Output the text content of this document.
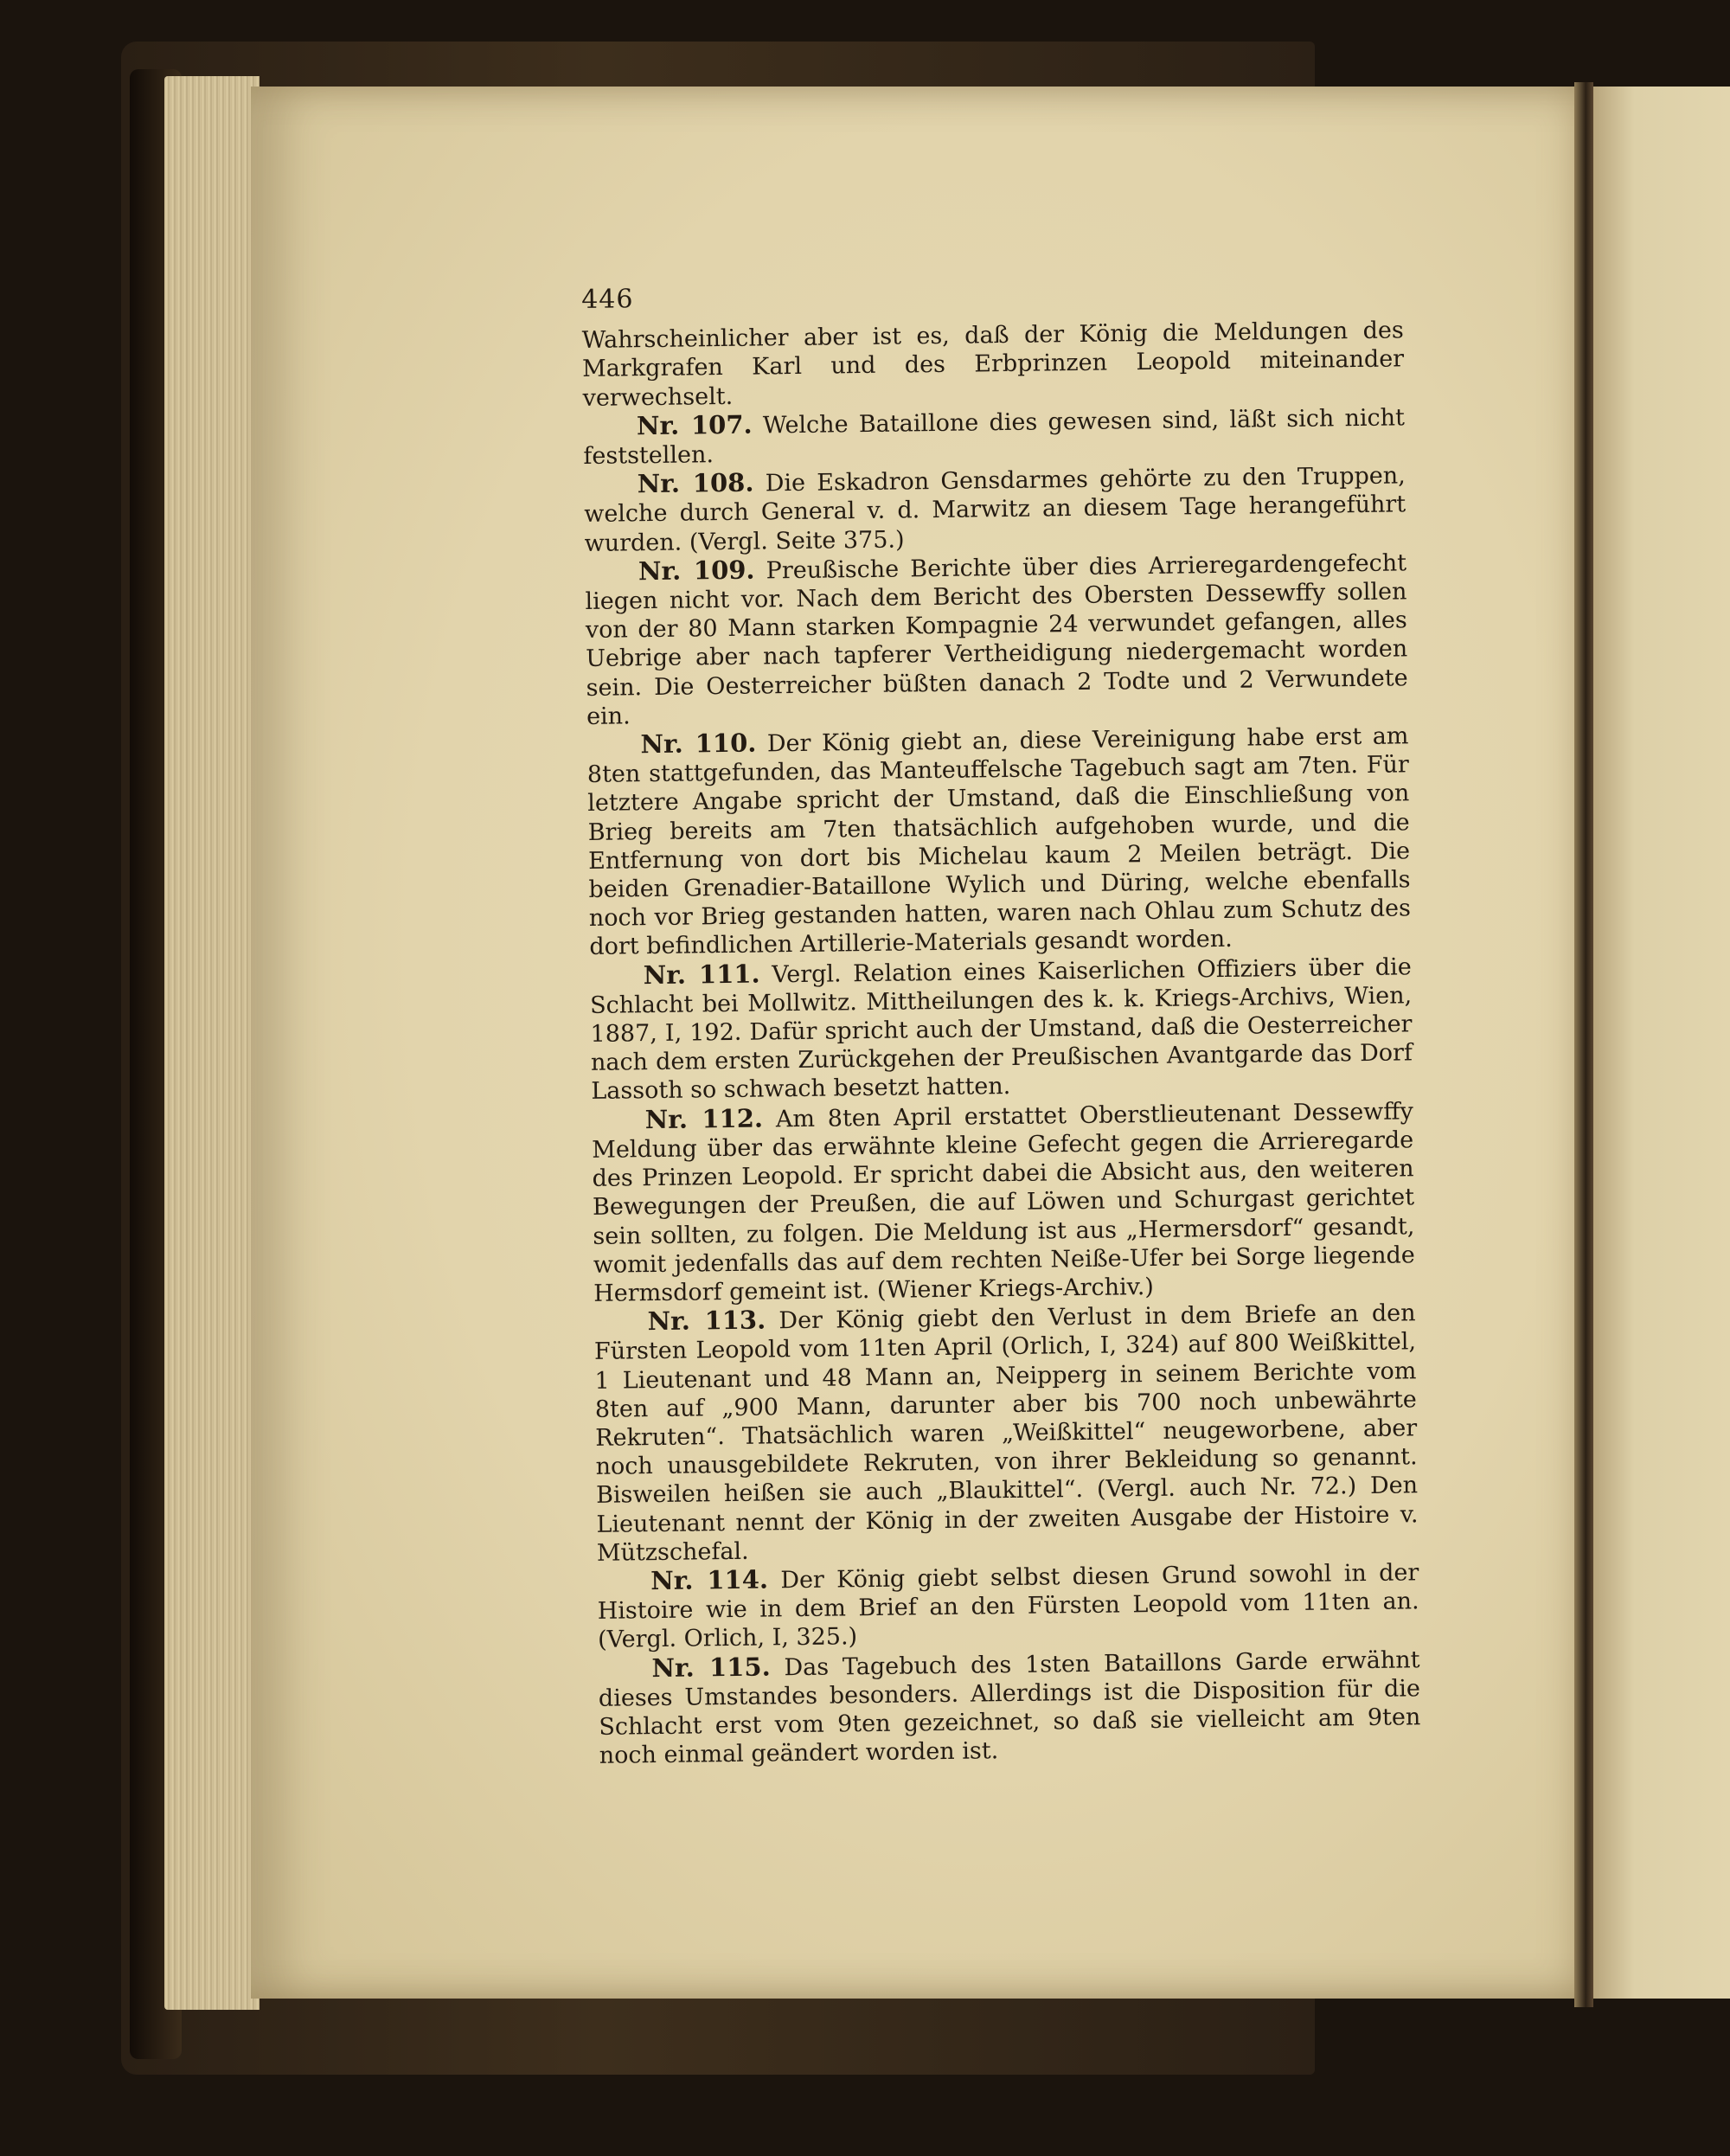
446

Wahrscheinlicher aber ist es, daß der König die Meldungen des Markgrafen Karl und des Erbprinzen Leopold miteinander verwechselt.

Nr. 107. Welche Bataillone dies gewesen sind, läßt sich nicht feststellen.

Nr. 108. Die Eskadron Gensdarmes gehörte zu den Truppen, welche durch General v. d. Marwitz an diesem Tage herangeführt wurden. (Vergl. Seite 375.)

Nr. 109. Preußische Berichte über dies Arrieregardengefecht liegen nicht vor. Nach dem Bericht des Obersten Dessewffy sollen von der 80 Mann starken Kompagnie 24 verwundet gefangen, alles Uebrige aber nach tapferer Vertheidigung niedergemacht worden sein. Die Oesterreicher büßten danach 2 Todte und 2 Verwundete ein.

Nr. 110. Der König giebt an, diese Vereinigung habe erst am 8ten stattgefunden, das Manteuffelsche Tagebuch sagt am 7ten. Für letztere Angabe spricht der Umstand, daß die Einschließung von Brieg bereits am 7ten thatsächlich aufgehoben wurde, und die Entfernung von dort bis Michelau kaum 2 Meilen beträgt. Die beiden Grenadier-Bataillone Wylich und Düring, welche ebenfalls noch vor Brieg gestanden hatten, waren nach Ohlau zum Schutz des dort befindlichen Artillerie-Materials gesandt worden.

Nr. 111. Vergl. Relation eines Kaiserlichen Offiziers über die Schlacht bei Mollwitz. Mittheilungen des k. k. Kriegs-Archivs, Wien, 1887, I, 192. Dafür spricht auch der Umstand, daß die Oesterreicher nach dem ersten Zurückgehen der Preußischen Avantgarde das Dorf Lassoth so schwach besetzt hatten.

Nr. 112. Am 8ten April erstattet Oberstlieutenant Dessewffy Meldung über das erwähnte kleine Gefecht gegen die Arrieregarde des Prinzen Leopold. Er spricht dabei die Absicht aus, den weiteren Bewegungen der Preußen, die auf Löwen und Schurgast gerichtet sein sollten, zu folgen. Die Meldung ist aus „Hermersdorf“ gesandt, womit jedenfalls das auf dem rechten Neiße-Ufer bei Sorge liegende Hermsdorf gemeint ist. (Wiener Kriegs-Archiv.)

Nr. 113. Der König giebt den Verlust in dem Briefe an den Fürsten Leopold vom 11ten April (Orlich, I, 324) auf 800 Weißkittel, 1 Lieutenant und 48 Mann an, Neipperg in seinem Berichte vom 8ten auf „900 Mann, darunter aber bis 700 noch unbewährte Rekruten“. Thatsächlich waren „Weißkittel“ neugeworbene, aber noch unausgebildete Rekruten, von ihrer Bekleidung so genannt. Bisweilen heißen sie auch „Blaukittel“. (Vergl. auch Nr. 72.) Den Lieutenant nennt der König in der zweiten Ausgabe der Histoire v. Mützschefal.

Nr. 114. Der König giebt selbst diesen Grund sowohl in der Histoire wie in dem Brief an den Fürsten Leopold vom 11ten an. (Vergl. Orlich, I, 325.)

Nr. 115. Das Tagebuch des 1sten Bataillons Garde erwähnt dieses Umstandes besonders. Allerdings ist die Disposition für die Schlacht erst vom 9ten gezeichnet, so daß sie vielleicht am 9ten noch einmal geändert worden ist.
